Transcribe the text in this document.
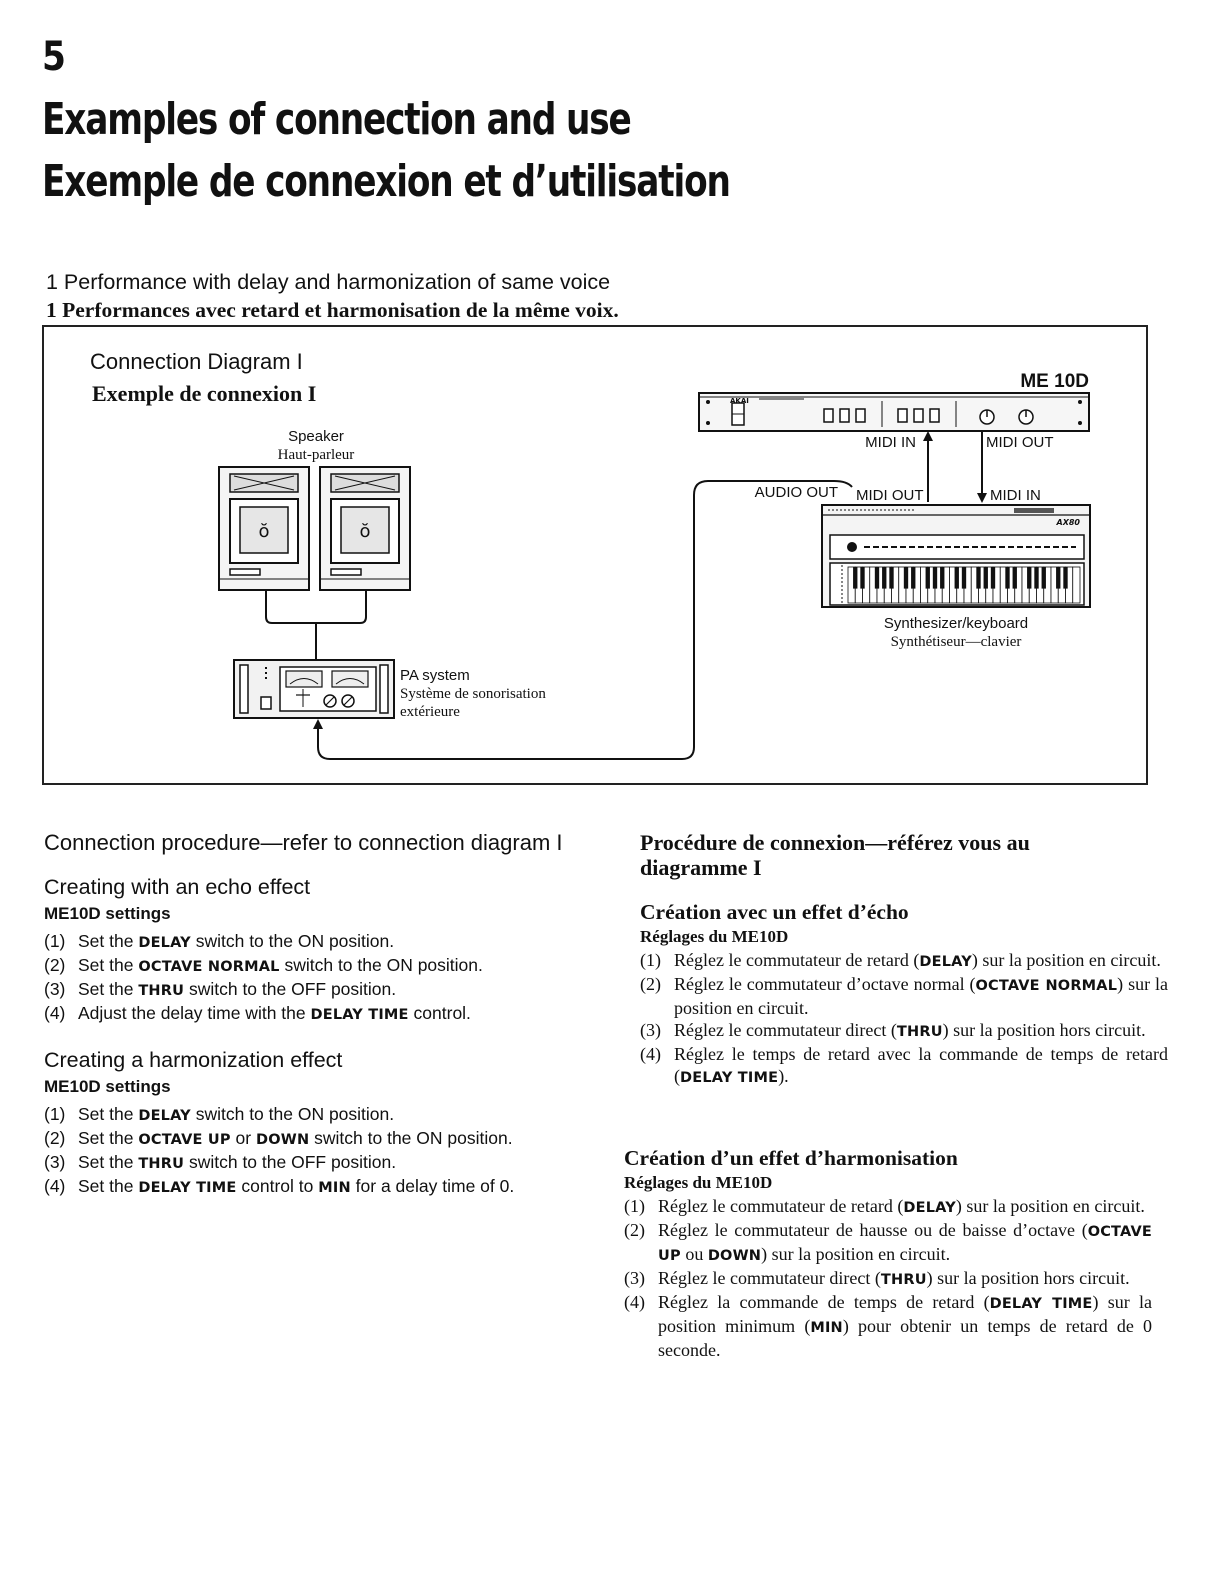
5
Examples of connection and use
Exemple de connexion et d’utilisation
1 Performance with delay and harmonization of same voice
1 Performances avec retard et harmonisation de la même voix.
Connection Diagram I
Exemple de connexion I
Speaker
Haut-parleur
ŏ	ŏ
PA system
Système de sonorisation
extérieure
ME 10D
AKAI
MIDI IN	MIDI OUT
AUDIO OUT MIDI OUT	MIDI IN
AX80
Synthesizer/keyboard
Synthétiseur—clavier
Connection procedure—refer to connection diagram I
Creating with an echo effect
ME10D settings
(1) Set the DELAY switch to the ON position.
(2) Set the OCTAVE NORMAL switch to the ON position.
(3) Set the THRU switch to the OFF position.
(4) Adjust the delay time with the DELAY TIME control.
Creating a harmonization effect
ME10D settings
(1) Set the DELAY switch to the ON position.
(2) Set the OCTAVE UP or DOWN switch to the ON position.
(3) Set the THRU switch to the OFF position.
(4) Set the DELAY TIME control to MIN for a delay time of 0.
Procédure de connexion—référez vous au diagramme I
Création avec un effet d’écho
Réglages du ME10D
(1) Réglez le commutateur de retard (DELAY) sur la position en circuit.
(2) Réglez le commutateur d’octave normal (OCTAVE NORMAL) sur la position en circuit.
(3) Réglez le commutateur direct (THRU) sur la position hors circuit.
(4) Réglez le temps de retard avec la commande de temps de retard (DELAY TIME).
Création d’un effet d’harmonisation
Réglages du ME10D
(1) Réglez le commutateur de retard (DELAY) sur la position en circuit.
(2) Réglez le commutateur de hausse ou de baisse d’octave (OCTAVE UP ou DOWN) sur la position en circuit.
(3) Réglez le commutateur direct (THRU) sur la position hors circuit.
(4) Réglez la commande de temps de retard (DELAY TIME) sur la position minimum (MIN) pour obtenir un temps de retard de 0 seconde.
